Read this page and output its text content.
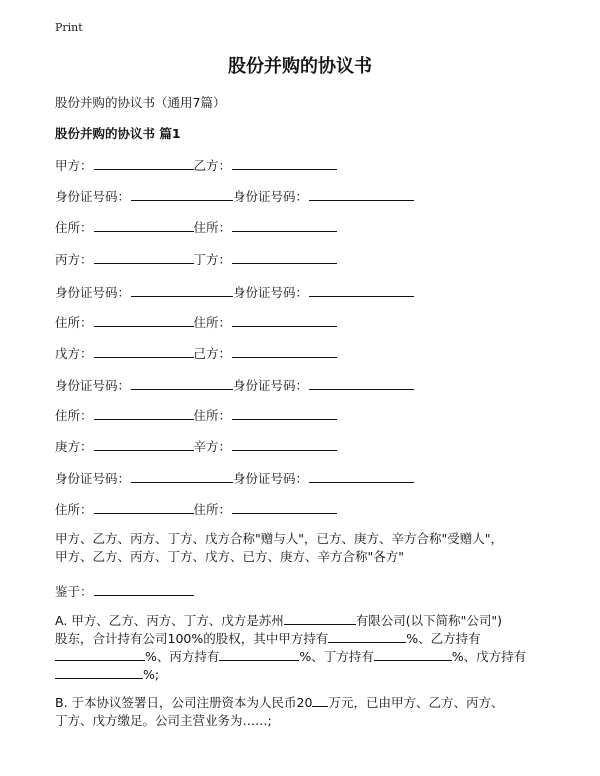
Print
股份并购的协议书
股份并购的协议书（通用7篇）
股份并购的协议书 篇1
甲方：	乙方：
身份证号码：	身份证号码：
住所：	住所：
丙方：	丁方：
身份证号码：	身份证号码：
住所：	住所：
戊方：	己方：
身份证号码：	身份证号码：
住所：	住所：
庚方：	辛方：
身份证号码：	身份证号码：
住所：	住所：
甲方、乙方、丙方、丁方、戊方合称"赠与人"，已方、庚方、辛方合称"受赠人"，
甲方、乙方、丙方、丁方、戊方、已方、庚方、辛方合称"各方"
鉴于：
A. 甲方、乙方、丙方、丁方、戊方是苏州	有限公司(以下简称"公司")
股东，合计持有公司100%的股权，其中甲方持有	%、乙方持有
%、丙方持有	%、丁方持有	%、戊方持有
%;
B. 于本协议签署日，公司注册资本为人民币20 万元，已由甲方、乙方、丙方、
丁方、戊方缴足。公司主营业务为……;
